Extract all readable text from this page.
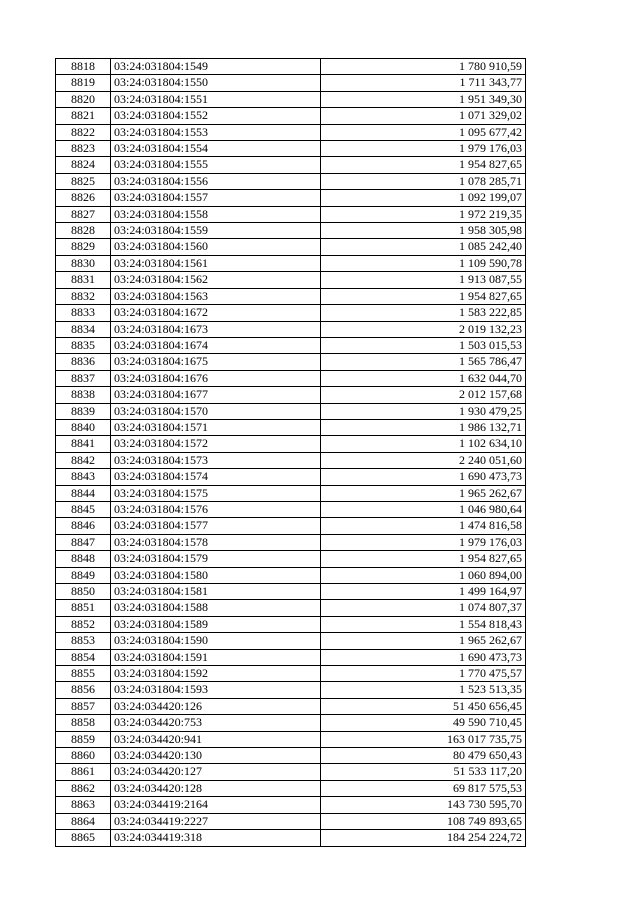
8818	03:24:031804:1549	1 780 910,59
8819	03:24:031804:1550	1 711 343,77
8820	03:24:031804:1551	1 951 349,30
8821	03:24:031804:1552	1 071 329,02
8822	03:24:031804:1553	1 095 677,42
8823	03:24:031804:1554	1 979 176,03
8824	03:24:031804:1555	1 954 827,65
8825	03:24:031804:1556	1 078 285,71
8826	03:24:031804:1557	1 092 199,07
8827	03:24:031804:1558	1 972 219,35
8828	03:24:031804:1559	1 958 305,98
8829	03:24:031804:1560	1 085 242,40
8830	03:24:031804:1561	1 109 590,78
8831	03:24:031804:1562	1 913 087,55
8832	03:24:031804:1563	1 954 827,65
8833	03:24:031804:1672	1 583 222,85
8834	03:24:031804:1673	2 019 132,23
8835	03:24:031804:1674	1 503 015,53
8836	03:24:031804:1675	1 565 786,47
8837	03:24:031804:1676	1 632 044,70
8838	03:24:031804:1677	2 012 157,68
8839	03:24:031804:1570	1 930 479,25
8840	03:24:031804:1571	1 986 132,71
8841	03:24:031804:1572	1 102 634,10
8842	03:24:031804:1573	2 240 051,60
8843	03:24:031804:1574	1 690 473,73
8844	03:24:031804:1575	1 965 262,67
8845	03:24:031804:1576	1 046 980,64
8846	03:24:031804:1577	1 474 816,58
8847	03:24:031804:1578	1 979 176,03
8848	03:24:031804:1579	1 954 827,65
8849	03:24:031804:1580	1 060 894,00
8850	03:24:031804:1581	1 499 164,97
8851	03:24:031804:1588	1 074 807,37
8852	03:24:031804:1589	1 554 818,43
8853	03:24:031804:1590	1 965 262,67
8854	03:24:031804:1591	1 690 473,73
8855	03:24:031804:1592	1 770 475,57
8856	03:24:031804:1593	1 523 513,35
8857	03:24:034420:126	51 450 656,45
8858	03:24:034420:753	49 590 710,45
8859	03:24:034420:941	163 017 735,75
8860	03:24:034420:130	80 479 650,43
8861	03:24:034420:127	51 533 117,20
8862	03:24:034420:128	69 817 575,53
8863	03:24:034419:2164	143 730 595,70
8864	03:24:034419:2227	108 749 893,65
8865	03:24:034419:318	184 254 224,72
